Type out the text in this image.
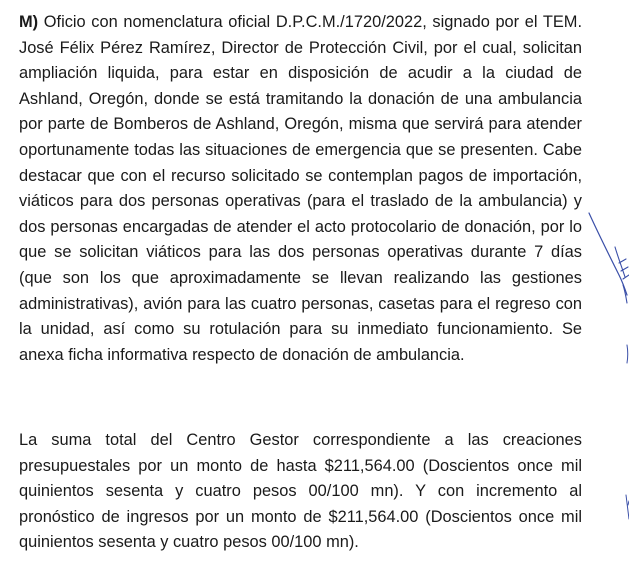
M) Oficio con nomenclatura oficial D.P.C.M./1720/2022, signado por el TEM. José Félix Pérez Ramírez, Director de Protección Civil, por el cual, solicitan ampliación liquida, para estar en disposición de acudir a la ciudad de Ashland, Oregón, donde se está tramitando la donación de una ambulancia por parte de Bomberos de Ashland, Oregón, misma que servirá para atender oportunamente todas las situaciones de emergencia que se presenten. Cabe destacar que con el recurso solicitado se contemplan pagos de importación, viáticos para dos personas operativas (para el traslado de la ambulancia) y dos personas encargadas de atender el acto protocolario de donación, por lo que se solicitan viáticos para las dos personas operativas durante 7 días (que son los que aproximadamente se llevan realizando las gestiones administrativas), avión para las cuatro personas, casetas para el regreso con la unidad, así como su rotulación para su inmediato funcionamiento. Se anexa ficha informativa respecto de donación de ambulancia.

La suma total del Centro Gestor correspondiente a las creaciones presupuestales por un monto de hasta $211,564.00 (Doscientos once mil quinientos sesenta y cuatro pesos 00/100 mn). Y con incremento al pronóstico de ingresos por un monto de $211,564.00 (Doscientos once mil quinientos sesenta y cuatro pesos 00/100 mn).
